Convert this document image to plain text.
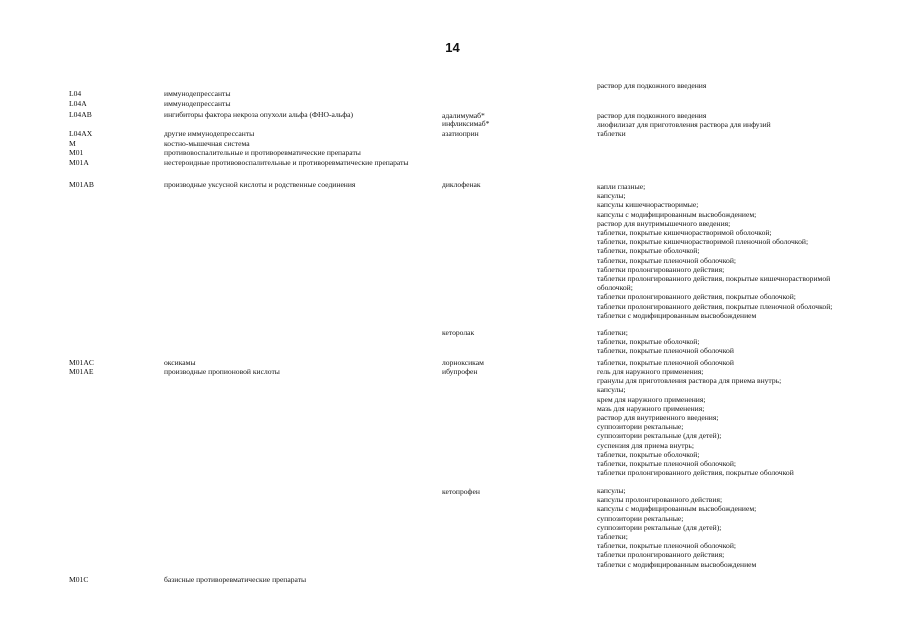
14
раствор для подкожного введения
L04	иммунодепрессанты
L04A	иммунодепрессанты
L04AB	ингибиторы фактора некроза опухоли альфа (ФНО-альфа)	адалимумаб*
инфликсимаб*
раствор для подкожного введения
лиофилизат для приготовления раствора для инфузий
L04AX	другие иммунодепрессанты	азатиоприн	таблетки
M	костно-мышечная система
M01	противовоспалительные и противоревматические препараты
M01A	нестероидные противовоспалительные и противоревматические препараты
M01AB	производные уксусной кислоты и родственные соединения	диклофенак	капли глазные;
капсулы;
капсулы кишечнорастворимые;
капсулы с модифицированным высвобождением;
раствор для внутримышечного введения;
таблетки, покрытые кишечнорастворимой оболочкой;
таблетки, покрытые кишечнорастворимой пленочной оболочкой;
таблетки, покрытые оболочкой;
таблетки, покрытые пленочной оболочкой;
таблетки пролонгированного действия;
таблетки пролонгированного действия, покрытые кишечнорастворимой
оболочкой;
таблетки пролонгированного действия, покрытые оболочкой;
таблетки пролонгированного действия, покрытые пленочной оболочкой;
таблетки с модифицированным высвобождением
кеторолак	таблетки;
таблетки, покрытые оболочкой;
таблетки, покрытые пленочной оболочкой
M01AC	оксикамы	лорноксикам	таблетки, покрытые пленочной оболочкой
M01AE	производные пропионовой кислоты	ибупрофен	гель для наружного применения;
гранулы для приготовления раствора для приема внутрь;
капсулы;
крем для наружного применения;
мазь для наружного применения;
раствор для внутривенного введения;
суппозитории ректальные;
суппозитории ректальные (для детей);
суспензия для приема внутрь;
таблетки, покрытые оболочкой;
таблетки, покрытые пленочной оболочкой;
таблетки пролонгированного действия, покрытые оболочкой
кетопрофен	капсулы;
капсулы пролонгированного действия;
капсулы с модифицированным высвобождением;
суппозитории ректальные;
суппозитории ректальные (для детей);
таблетки;
таблетки, покрытые пленочной оболочкой;
таблетки пролонгированного действия;
таблетки с модифицированным высвобождением
M01C	базисные противоревматические препараты
